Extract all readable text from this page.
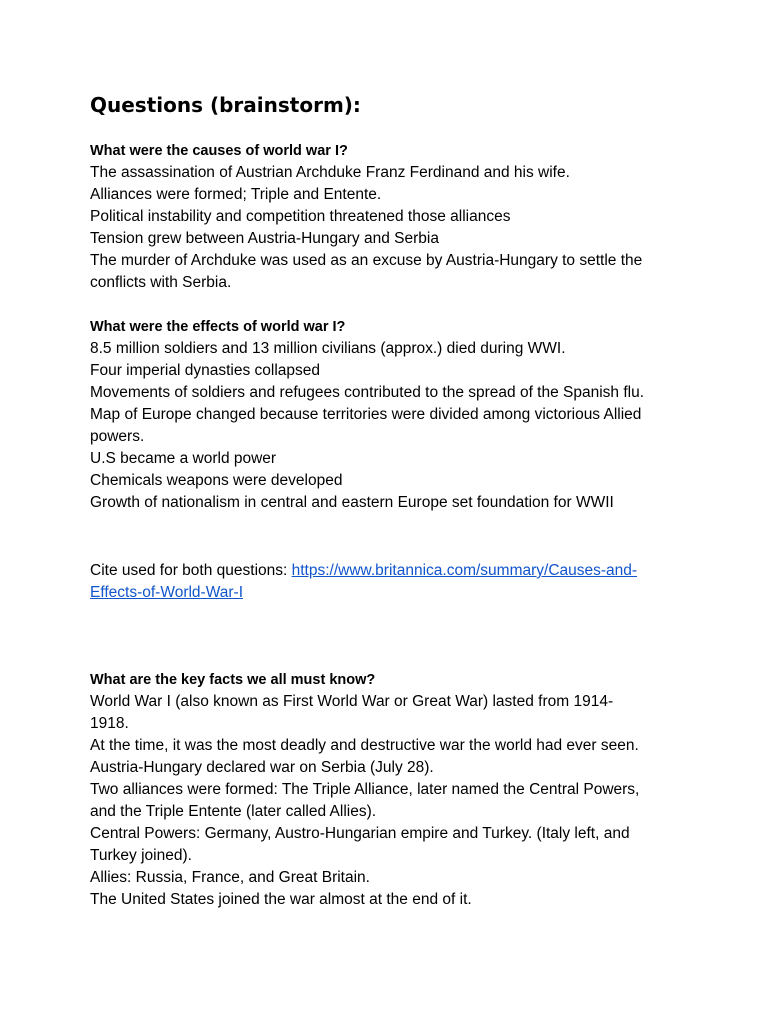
Questions (brainstorm):

What were the causes of world war I?

The assassination of Austrian Archduke Franz Ferdinand and his wife.

Alliances were formed; Triple and Entente.

Political instability and competition threatened those alliances

Tension grew between Austria-Hungary and Serbia

The murder of Archduke was used as an excuse by Austria-Hungary to settle the

conflicts with Serbia.

What were the effects of world war I?

8.5 million soldiers and 13 million civilians (approx.) died during WWI.

Four imperial dynasties collapsed

Movements of soldiers and refugees contributed to the spread of the Spanish flu.

Map of Europe changed because territories were divided among victorious Allied

powers.

U.S became a world power

Chemicals weapons were developed

Growth of nationalism in central and eastern Europe set foundation for WWII

Cite used for both questions: https://www.britannica.com/summary/Causes-and-
Effects-of-World-War-I

What are the key facts we all must know?

World War I (also known as First World War or Great War) lasted from 1914-

1918.

At the time, it was the most deadly and destructive war the world had ever seen.

Austria-Hungary declared war on Serbia (July 28).

Two alliances were formed: The Triple Alliance, later named the Central Powers,

and the Triple Entente (later called Allies).

Central Powers: Germany, Austro-Hungarian empire and Turkey. (Italy left, and

Turkey joined).

Allies: Russia, France, and Great Britain.

The United States joined the war almost at the end of it.
